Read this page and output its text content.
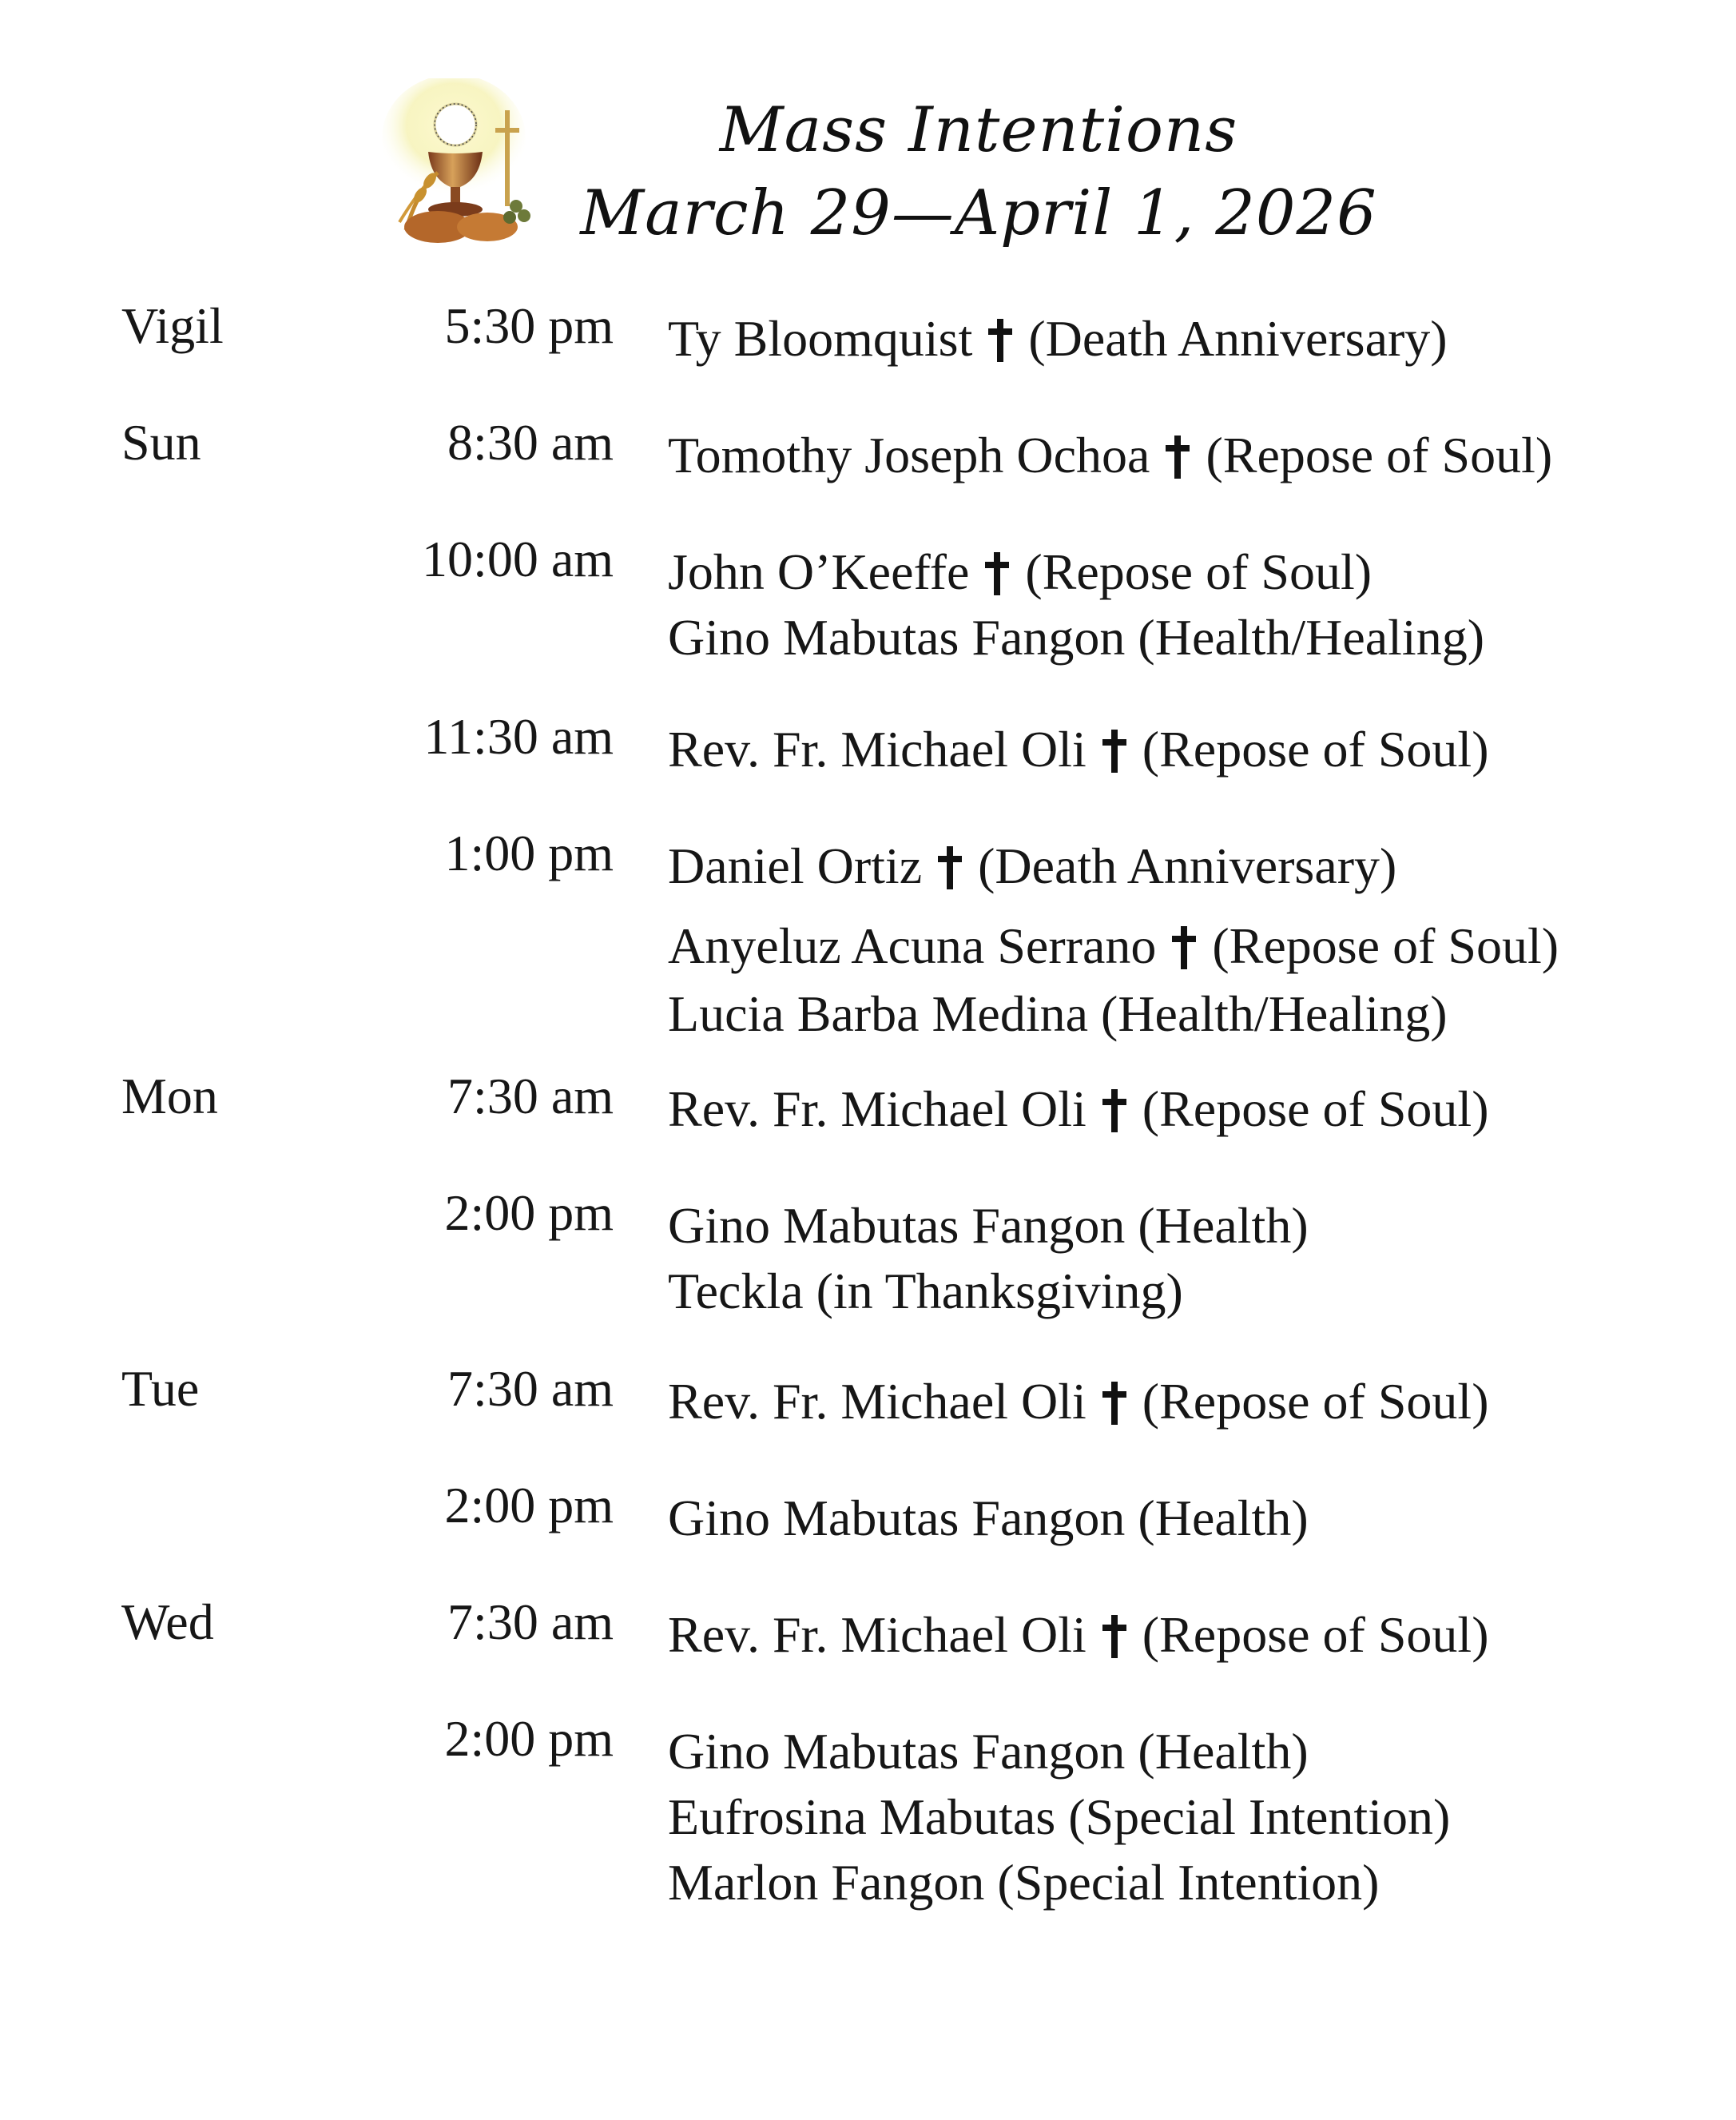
Mass Intentions
March 29—April 1, 2026
Vigil	5:30 pm Ty Bloomquist (Death Anniversary)
Sun	8:30 am Tomothy Joseph Ochoa (Repose of Soul)
10:00 am John O’Keeffe (Repose of Soul)
Gino Mabutas Fangon (Health/Healing)
11:30 am Rev. Fr. Michael Oli (Repose of Soul)
1:00 pm Daniel Ortiz (Death Anniversary)
Anyeluz Acuna Serrano (Repose of Soul)
Lucia Barba Medina (Health/Healing)
Mon	7:30 am Rev. Fr. Michael Oli (Repose of Soul)
2:00 pm Gino Mabutas Fangon (Health)
Teckla (in Thanksgiving)
Tue	7:30 am Rev. Fr. Michael Oli (Repose of Soul)
2:00 pm Gino Mabutas Fangon (Health)
Wed	7:30 am Rev. Fr. Michael Oli (Repose of Soul)
2:00 pm Gino Mabutas Fangon (Health)
Eufrosina Mabutas (Special Intention)
Marlon Fangon (Special Intention)
